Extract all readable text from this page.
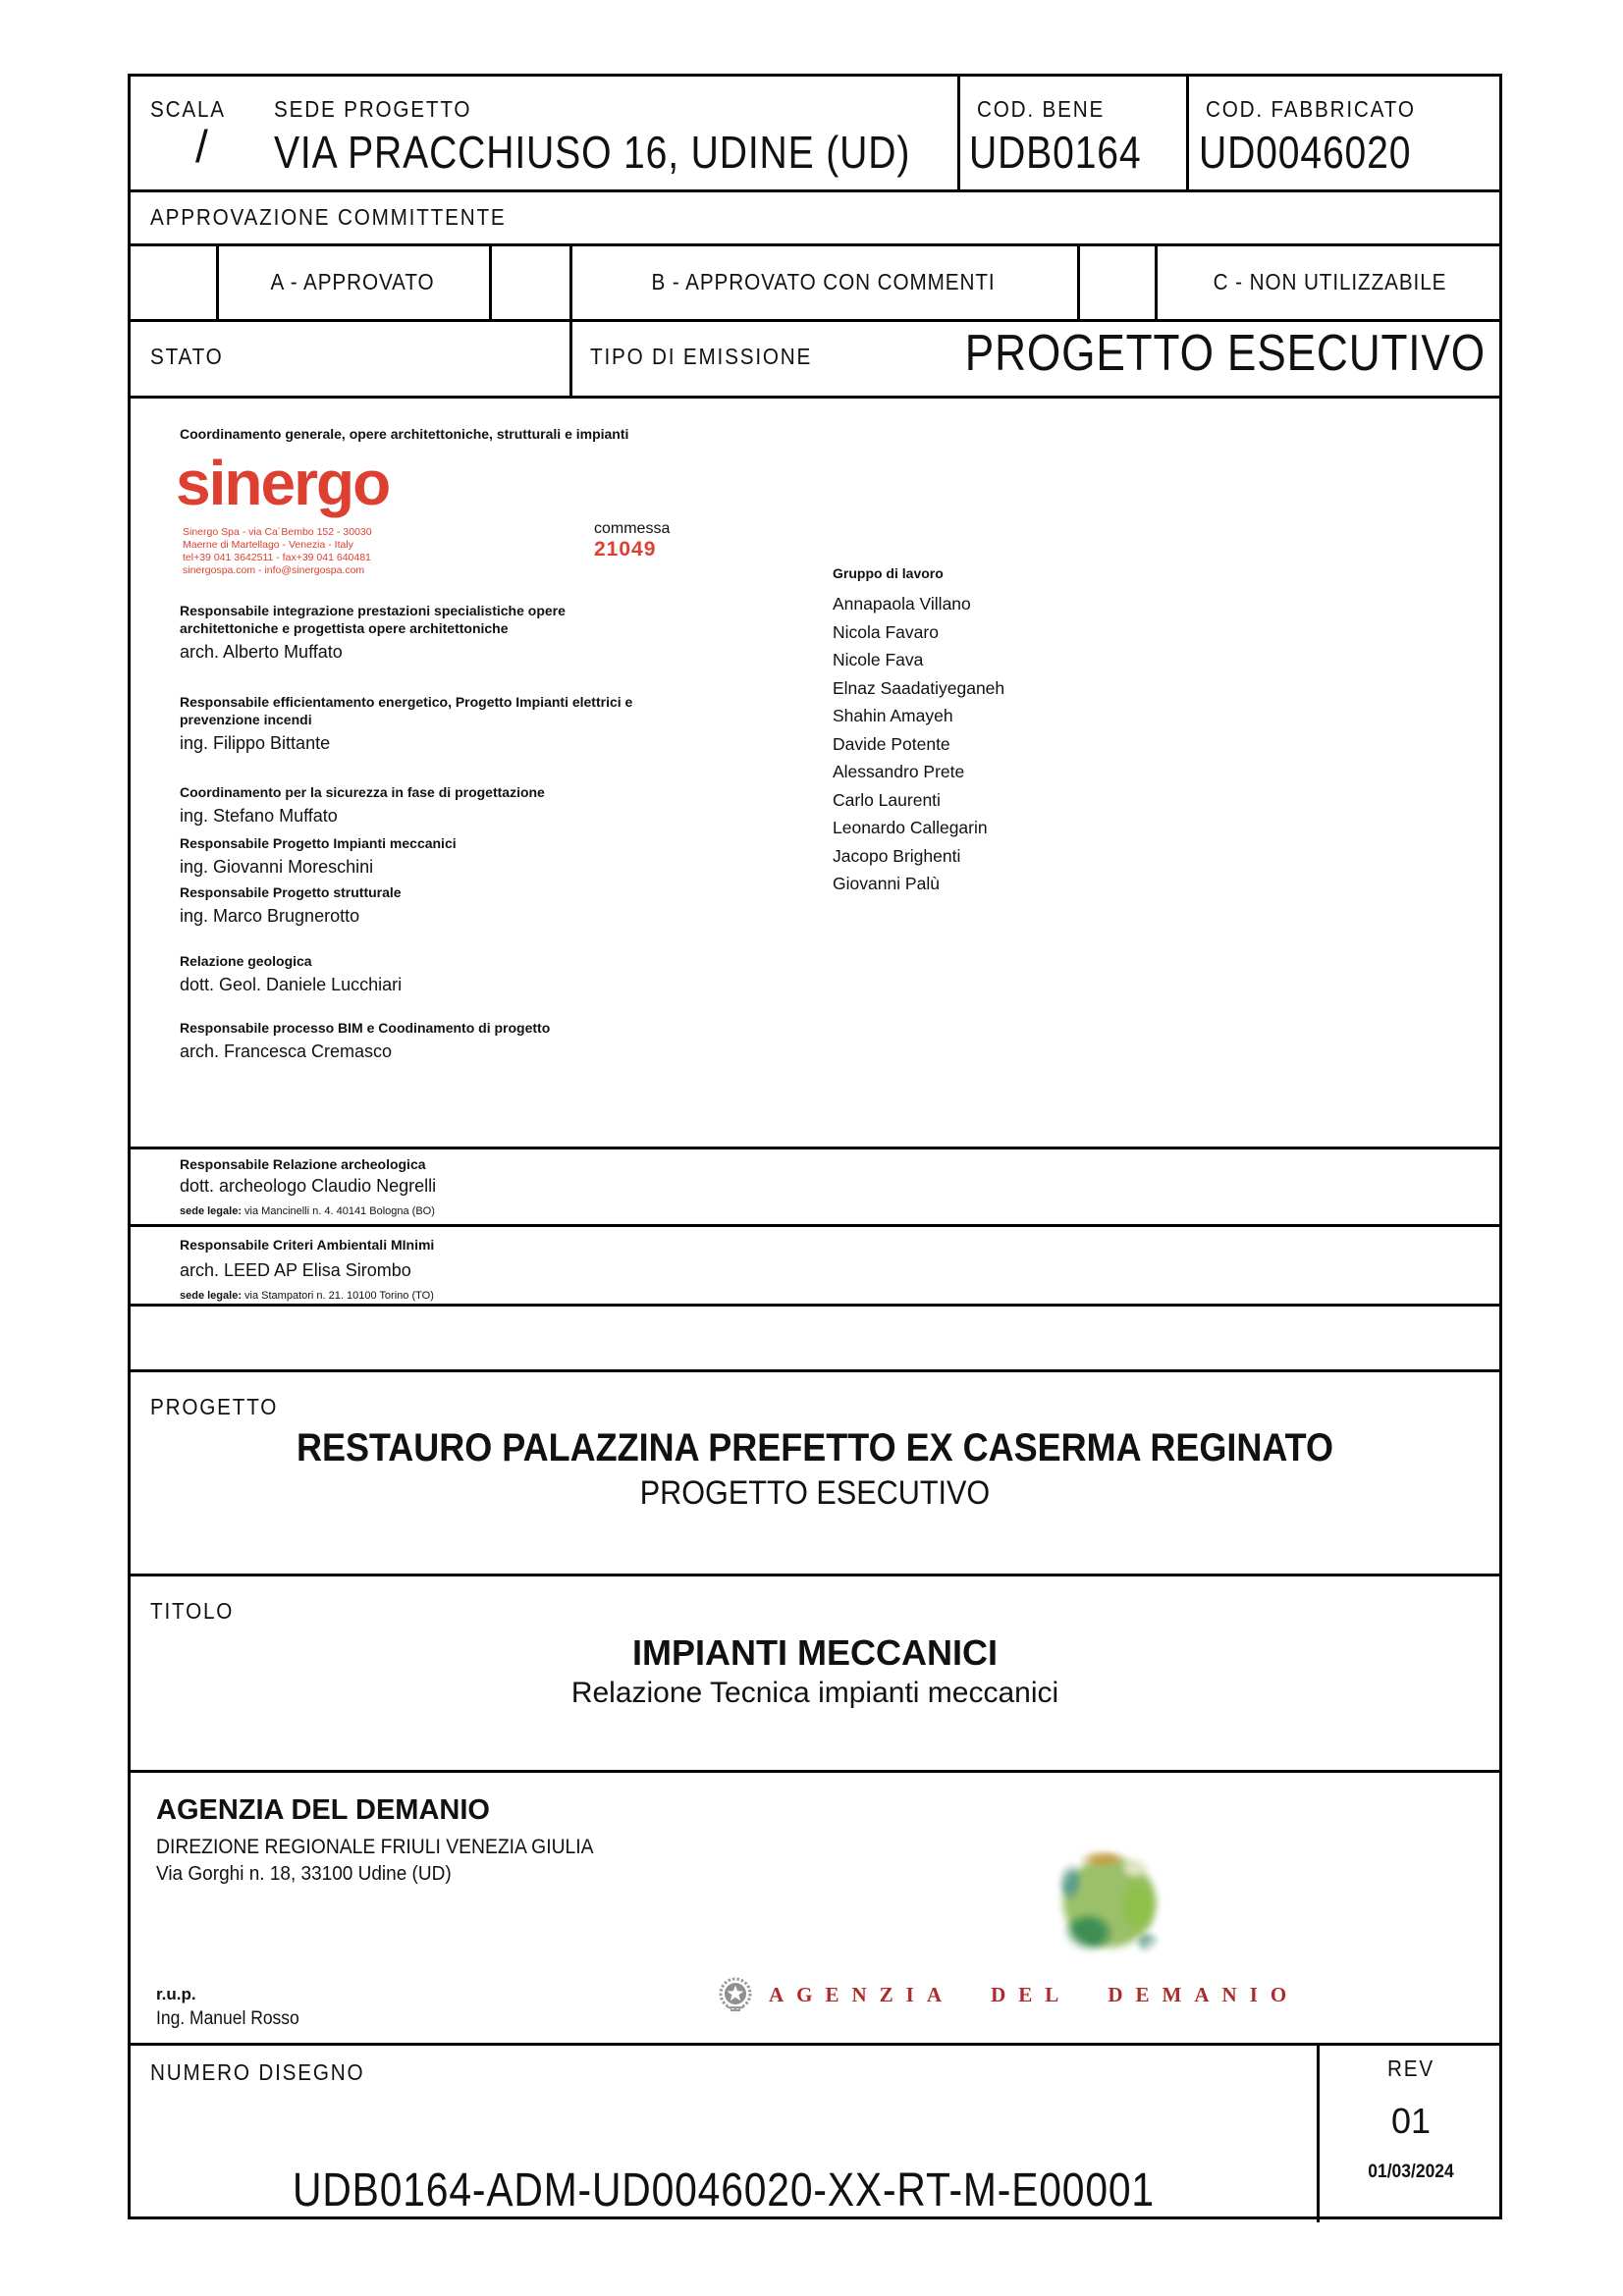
SCALA
/
SEDE PROGETTO
VIA PRACCHIUSO 16, UDINE (UD)
COD. BENE
UDB0164
COD. FABBRICATO
UD0046020
APPROVAZIONE COMMITTENTE
A - APPROVATO	B - APPROVATO CON COMMENTI	C - NON UTILIZZABILE
STATO	TIPO DI EMISSIONE	PROGETTO ESECUTIVO
Coordinamento generale, opere architettoniche, strutturali e impianti
sinergo
Sinergo Spa - via Ca´Bembo 152 - 30030
Maerne di Martellago - Venezia - Italy
tel+39 041 3642511 - fax+39 041 640481
sinergospa.com - info@sinergospa.com
commessa
21049
Responsabile integrazione prestazioni specialistiche opere architettoniche e progettista opere architettoniche
arch. Alberto Muffato
Responsabile efficientamento energetico, Progetto Impianti elettrici e prevenzione incendi
ing. Filippo Bittante
Coordinamento per la sicurezza in fase di progettazione
ing. Stefano Muffato
Responsabile Progetto Impianti meccanici
ing. Giovanni Moreschini
Responsabile Progetto strutturale
ing. Marco Brugnerotto
Relazione geologica
dott. Geol. Daniele Lucchiari
Responsabile processo BIM e Coodinamento di progetto
arch. Francesca Cremasco
Gruppo di lavoro
Annapaola Villano
Nicola Favaro
Nicole Fava
Elnaz Saadatiyeganeh
Shahin Amayeh
Davide Potente
Alessandro Prete
Carlo Laurenti
Leonardo Callegarin
Jacopo Brighenti
Giovanni Palù
Responsabile Relazione archeologica
dott. archeologo Claudio Negrelli
sede legale: via Mancinelli n. 4. 40141 Bologna (BO)
Responsabile Criteri Ambientali MInimi
arch. LEED AP Elisa Sirombo
sede legale: via Stampatori n. 21. 10100 Torino (TO)
PROGETTO
RESTAURO PALAZZINA PREFETTO EX CASERMA REGINATO
PROGETTO ESECUTIVO
TITOLO
IMPIANTI MECCANICI
Relazione Tecnica impianti meccanici
AGENZIA DEL DEMANIO
DIREZIONE REGIONALE FRIULI VENEZIA GIULIA
Via Gorghi n. 18, 33100 Udine (UD)
r.u.p.
Ing. Manuel Rosso
AGENZIA DEL DEMANIO
NUMERO DISEGNO
UDB0164-ADM-UD0046020-XX-RT-M-E00001
REV
01
01/03/2024
